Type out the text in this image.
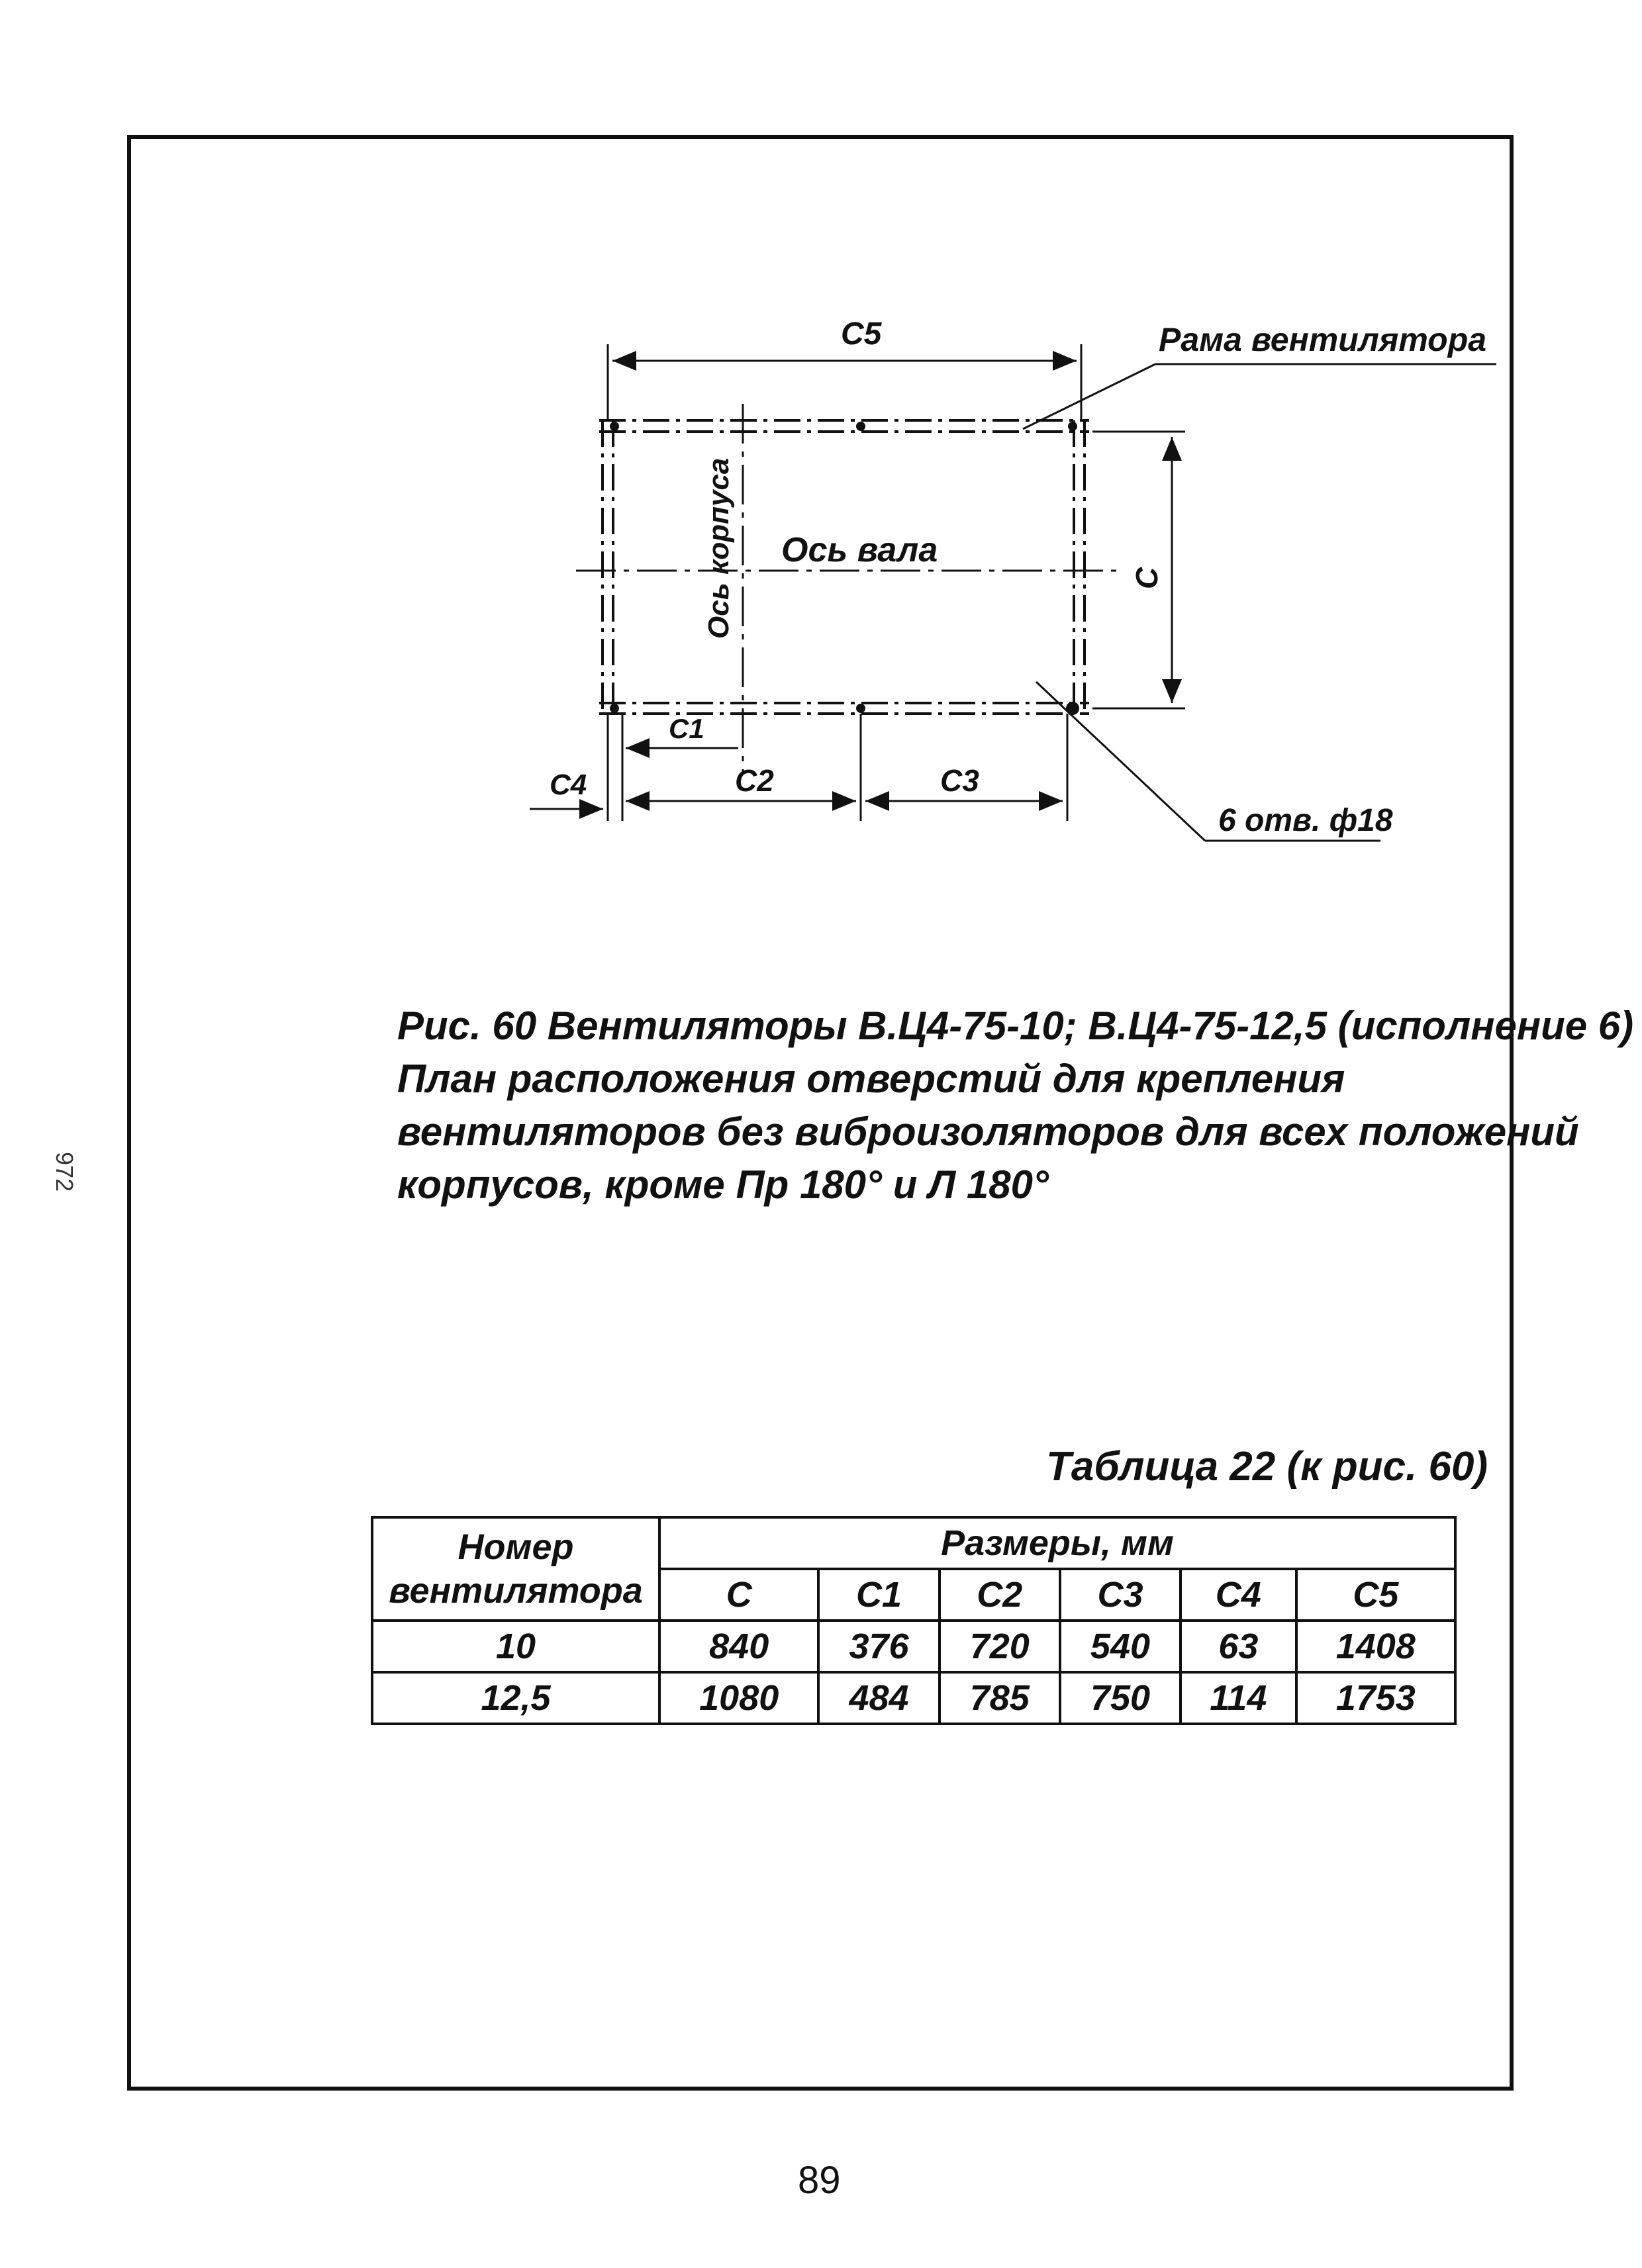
C5	Рама вентилятора
Ось корпуса Ось вала
C
C1
C2	C3
C4
6 отв. ф18
Рис. 60 Вентиляторы В.Ц4-75-10; В.Ц4-75-12,5 (исполнение 6)
План расположения отверстий для крепления
вентиляторов без виброизоляторов для всех положений
корпусов, кроме Пр 180° и Л 180°
Таблица 22 (к рис. 60)
Номер вентилятора	Размеры, мм					
	C	C1	C2	C3	C4	C5
10	840	376	720	540	63	1408
12,5	1080	484	785	750	114	1753
972
89
